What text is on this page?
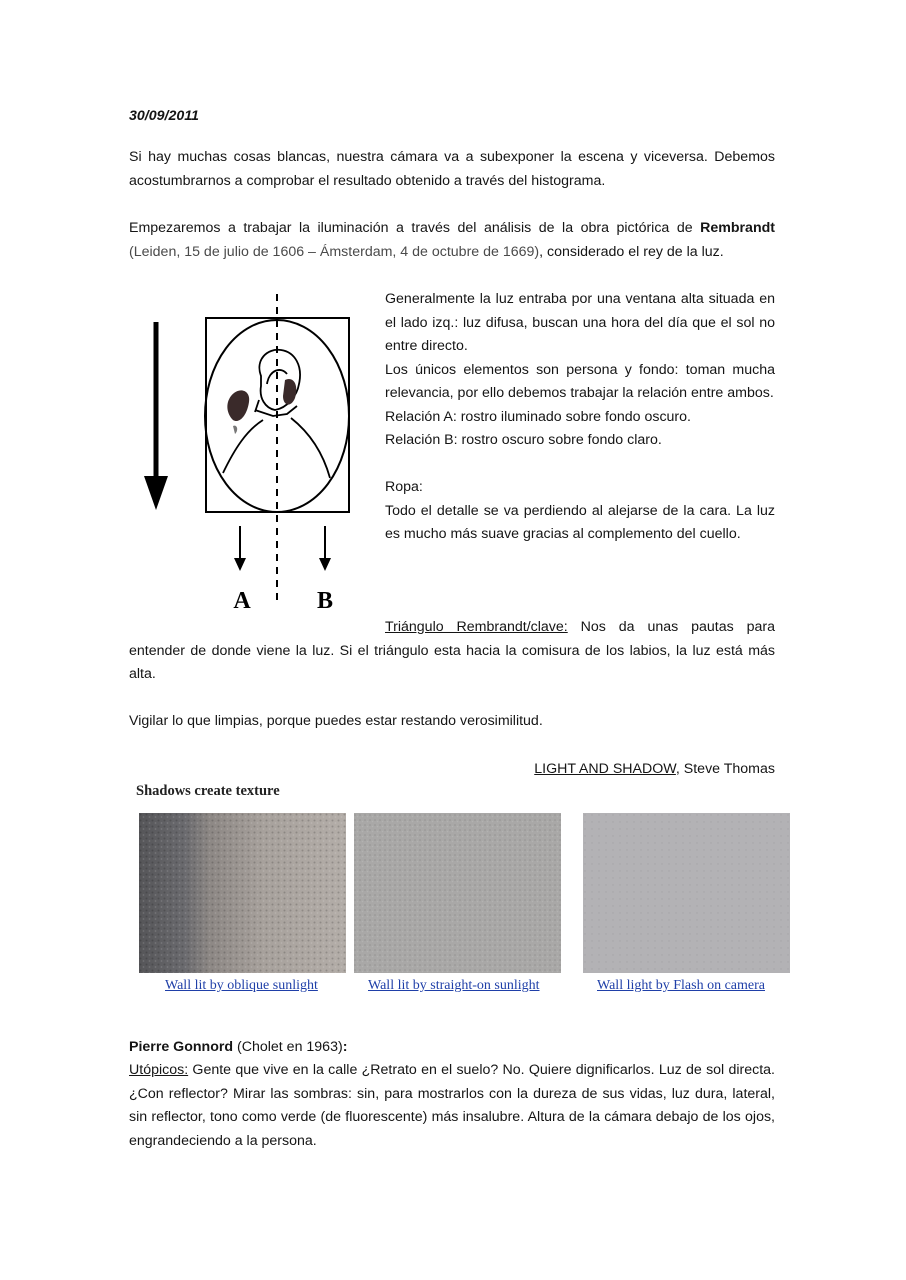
30/09/2011
Si hay muchas cosas blancas, nuestra cámara va a subexponer la escena y viceversa. Debemos acostumbrarnos a comprobar el resultado obtenido a través del histograma.
Empezaremos a trabajar la iluminación a través del análisis de la obra pictórica de Rembrandt (Leiden, 15 de julio de 1606 – Ámsterdam, 4 de octubre de 1669), considerado el rey de la luz.
A	B
Generalmente la luz entraba por una ventana alta situada en el lado izq.: luz difusa, buscan una hora del día que el sol no entre directo.
Los únicos elementos son persona y fondo: toman mucha relevancia, por ello debemos trabajar la relación entre ambos.
Relación A: rostro iluminado sobre fondo oscuro.
Relación B: rostro oscuro sobre fondo claro.
Ropa:
Todo el detalle se va perdiendo al alejarse de la cara. La luz es mucho más suave gracias al complemento del cuello.
Triángulo Rembrandt/clave: Nos da unas pautas para entender de donde viene la luz. Si el triángulo esta hacia la comisura de los labios, la luz está más alta.
Vigilar lo que limpias, porque puedes estar restando verosimilitud.
LIGHT AND SHADOW, Steve Thomas
Shadows create texture
Wall lit by oblique sunlight	Wall lit by straight-on sunlight	Wall light by Flash on camera
Pierre Gonnord (Cholet en 1963):
Utópicos: Gente que vive en la calle ¿Retrato en el suelo? No. Quiere dignificarlos. Luz de sol directa. ¿Con reflector? Mirar las sombras: sin, para mostrarlos con la dureza de sus vidas, luz dura, lateral, sin reflector, tono como verde (de fluorescente) más insalubre. Altura de la cámara debajo de los ojos, engrandeciendo a la persona.
